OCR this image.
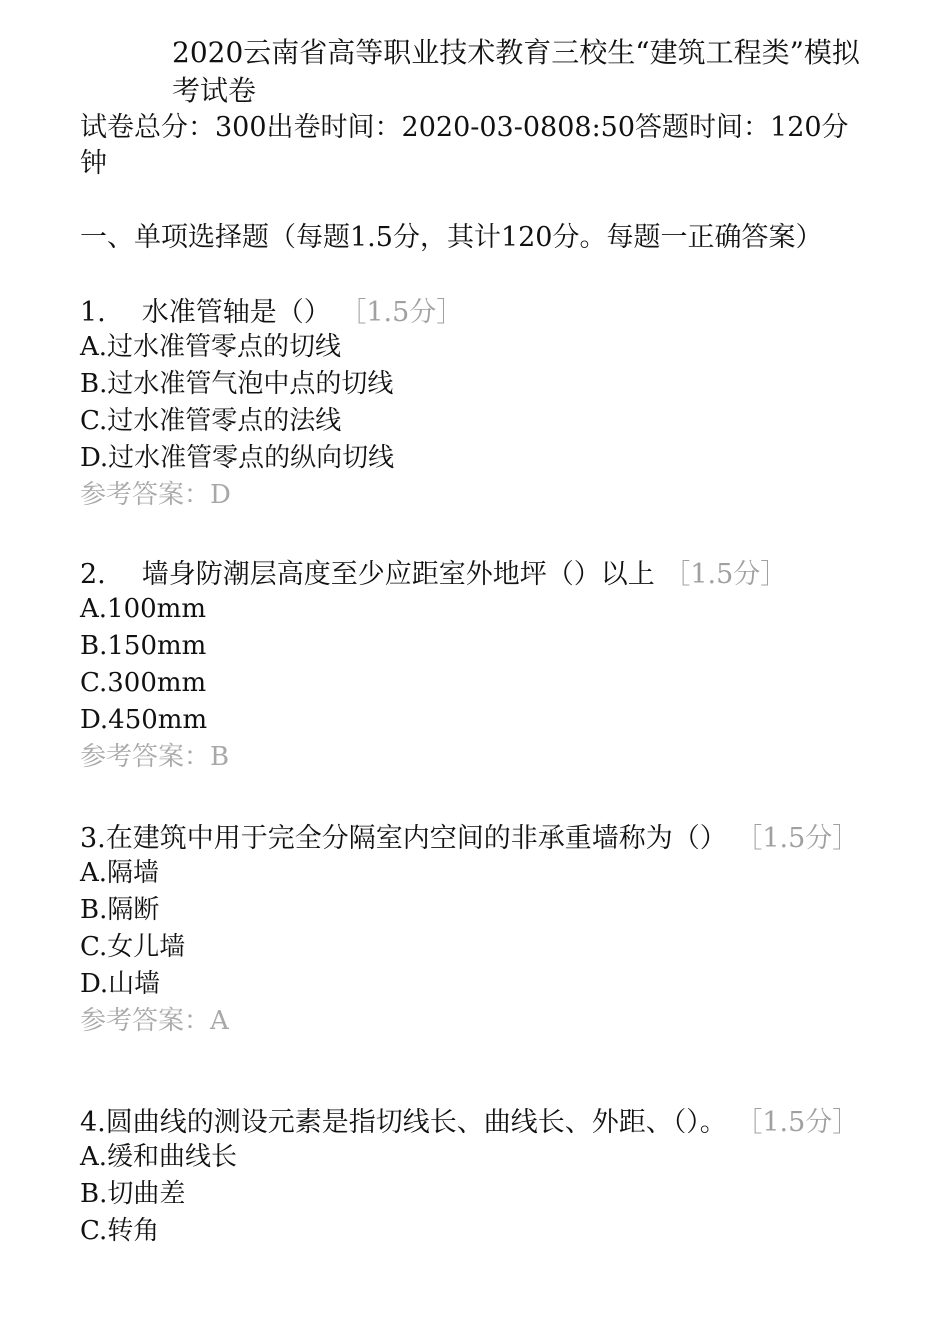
2020云南省高等职业技术教育三校生“建筑工程类”模拟考试卷
试卷总分：300出卷时间：2020-03-0808:50答题时间：120分钟
一、单项选择题（每题1.5分，其计120分。每题一正确答案）

1. 水准管轴是（） ［1.5分］

A.过水准管零点的切线

B.过水准管气泡中点的切线

C.过水准管零点的法线

D.过水准管零点的纵向切线

参考答案：D

2. 墙身防潮层高度至少应距室外地坪（）以上 ［1.5分］

A.100mm

B.150mm

C.300mm

D.450mm

参考答案：B

3.在建筑中用于完全分隔室内空间的非承重墙称为（） ［1.5分］

A.隔墙

B.隔断

C.女儿墙

D.山墙

参考答案：A

4.圆曲线的测设元素是指切线长、曲线长、外距、（）。 ［1.5分］

A.缓和曲线长

B.切曲差

C.转角
